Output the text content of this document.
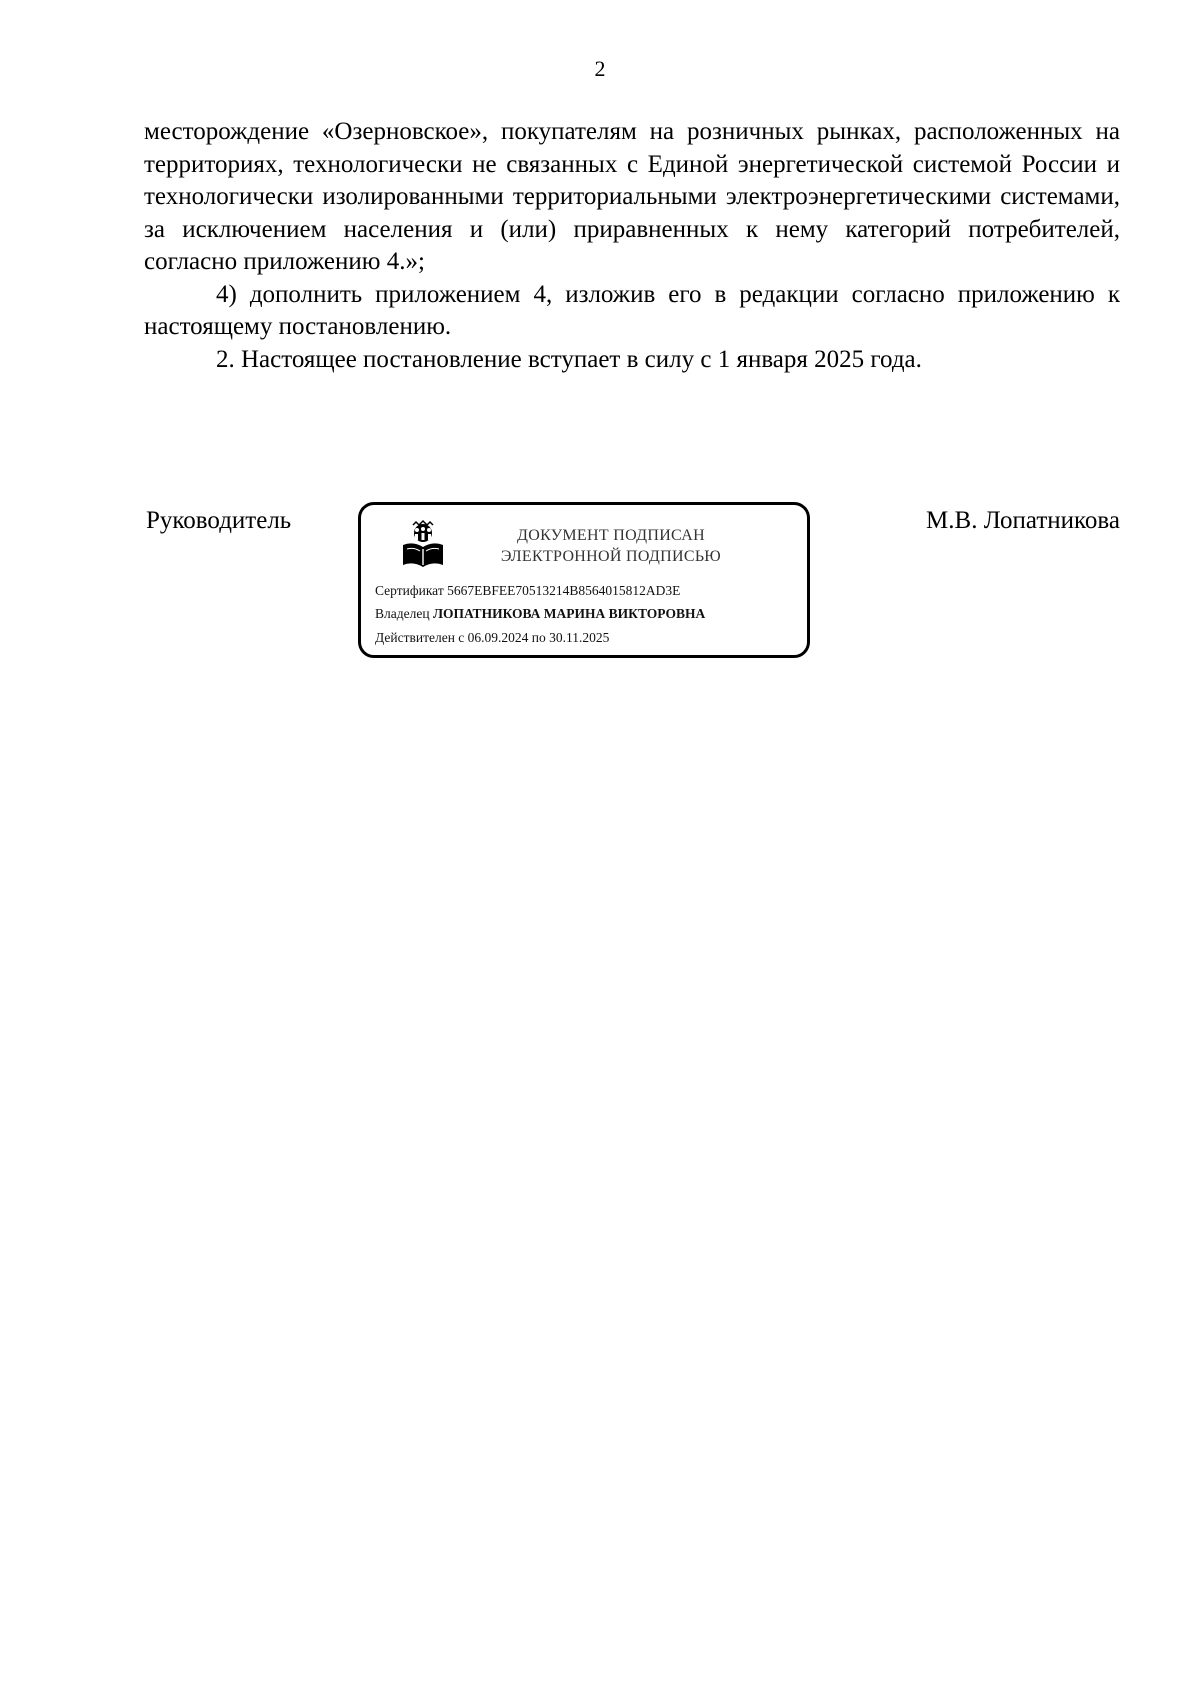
2

месторождение «Озерновское», покупателям на розничных рынках, расположенных на территориях, технологически не связанных с Единой энергетической системой России и технологически изолированными территориальными электроэнергетическими системами, за исключением населения и (или) приравненных к нему категорий потребителей, согласно приложению 4.»;

4) дополнить приложением 4, изложив его в редакции согласно приложению к настоящему постановлению.

2. Настоящее постановление вступает в силу с 1 января 2025 года.

Руководитель
ДОКУМЕНТ ПОДПИСАН
ЭЛЕКТРОННОЙ ПОДПИСЬЮ
Сертификат 5667EBFEE70513214B8564015812AD3E
Владелец ЛОПАТНИКОВА МАРИНА ВИКТОРОВНА
Действителен с 06.09.2024 по 30.11.2025
М.В. Лопатникова
